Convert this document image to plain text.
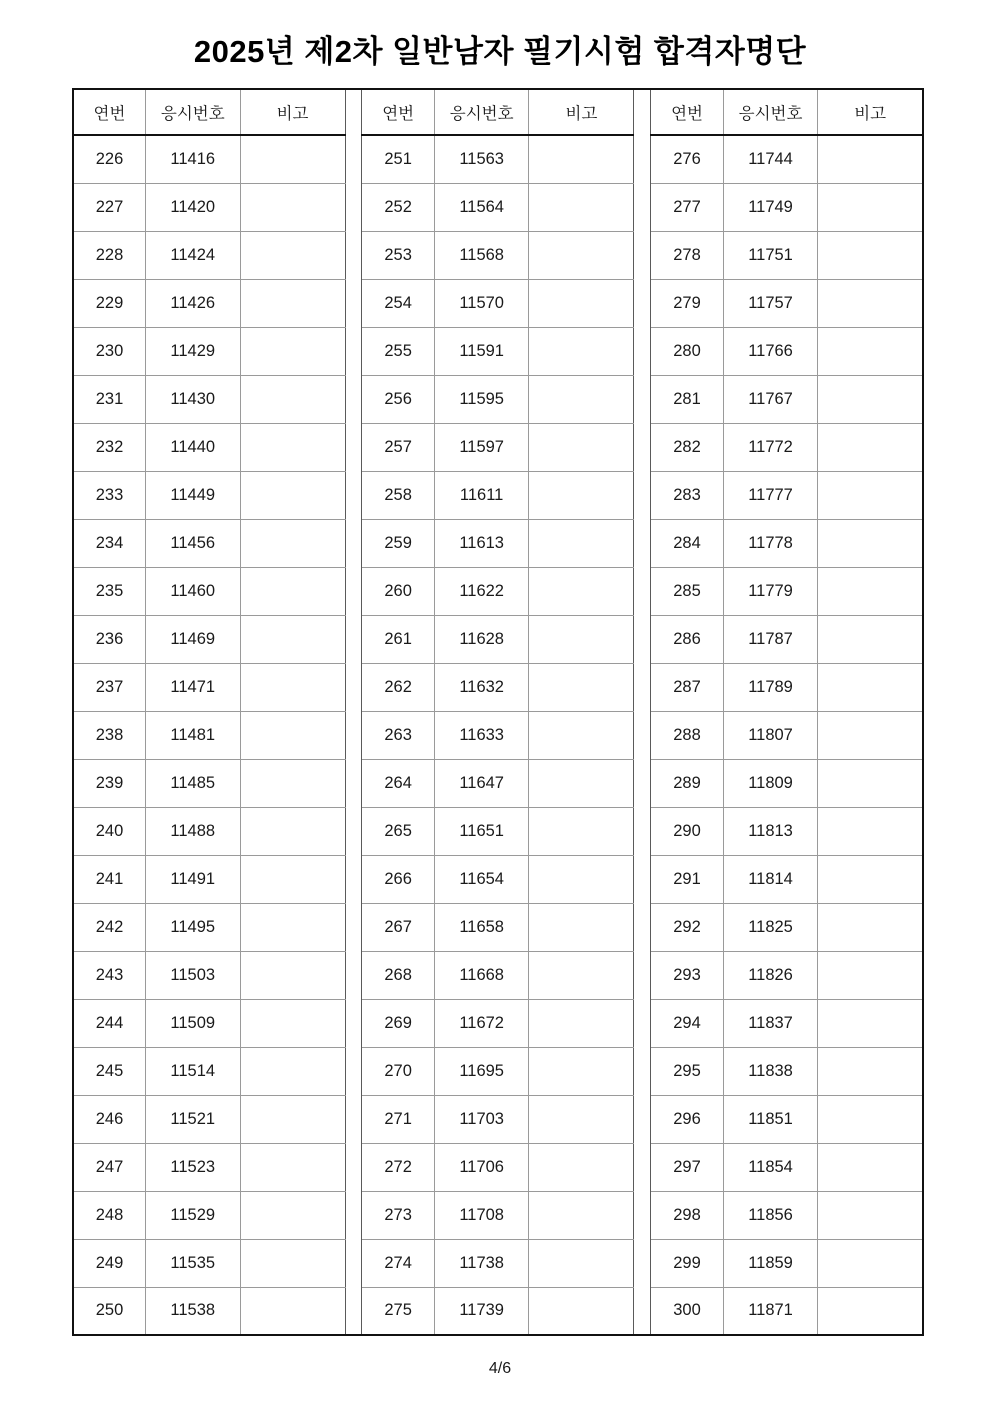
2025년 제2차 일반남자 필기시험 합격자명단
연번	응시번호	비고		연번	응시번호	비고		연번	응시번호	비고
226	11416			251	11563			276	11744	
227	11420			252	11564			277	11749	
228	11424			253	11568			278	11751	
229	11426			254	11570			279	11757	
230	11429			255	11591			280	11766	
231	11430			256	11595			281	11767	
232	11440			257	11597			282	11772	
233	11449			258	11611			283	11777	
234	11456			259	11613			284	11778	
235	11460			260	11622			285	11779	
236	11469			261	11628			286	11787	
237	11471			262	11632			287	11789	
238	11481			263	11633			288	11807	
239	11485			264	11647			289	11809	
240	11488			265	11651			290	11813	
241	11491			266	11654			291	11814	
242	11495			267	11658			292	11825	
243	11503			268	11668			293	11826	
244	11509			269	11672			294	11837	
245	11514			270	11695			295	11838	
246	11521			271	11703			296	11851	
247	11523			272	11706			297	11854	
248	11529			273	11708			298	11856	
249	11535			274	11738			299	11859	
250	11538			275	11739			300	11871	
4/6
